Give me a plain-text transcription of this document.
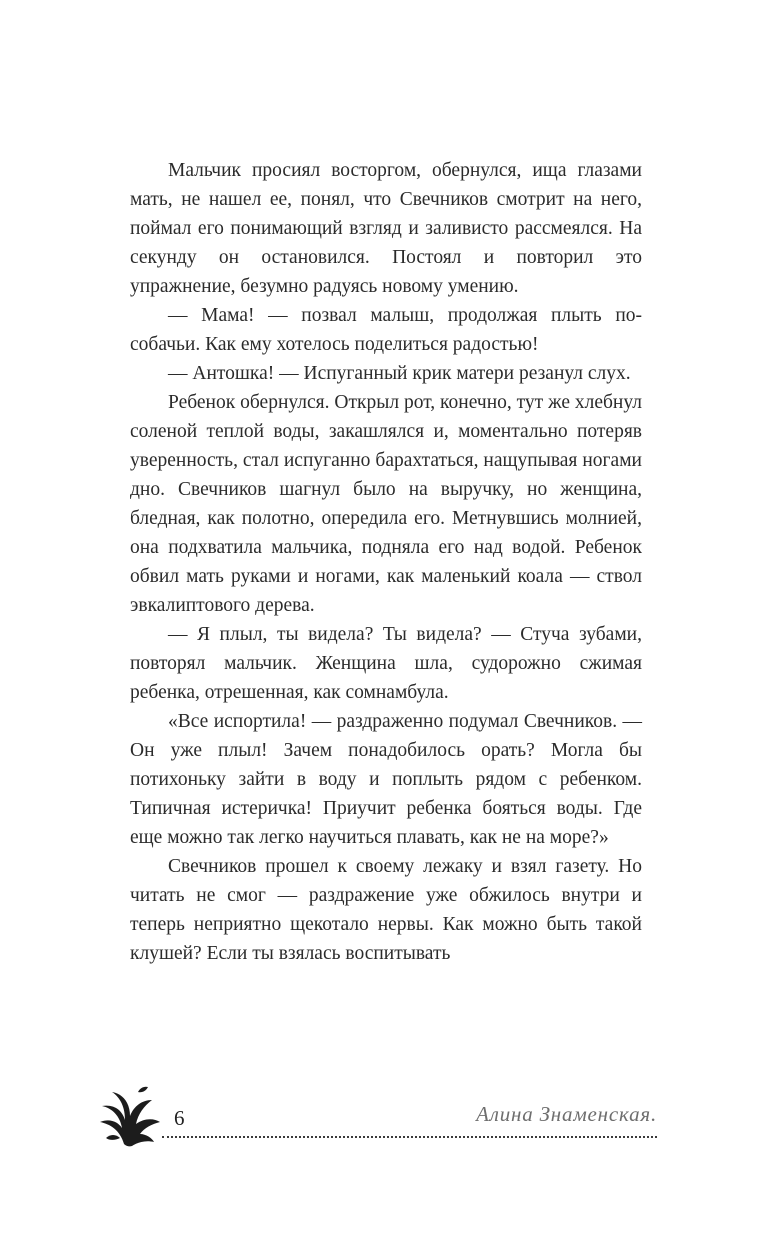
Мальчик просиял восторгом, обернулся, ища глазами мать, не нашел ее, понял, что Свечников смотрит на него, поймал его понимающий взгляд и заливисто рассмеялся. На секунду он остановился. Постоял и повторил это упражнение, безумно радуясь новому умению.

— Мама! — позвал малыш, продолжая плыть по-собачьи. Как ему хотелось поделиться радостью!

— Антошка! — Испуганный крик матери резанул слух.

Ребенок обернулся. Открыл рот, конечно, тут же хлебнул соленой теплой воды, закашлялся и, моментально потеряв уверенность, стал испуганно барахтаться, нащупывая ногами дно. Свечников шагнул было на выручку, но женщина, бледная, как полотно, опередила его. Метнувшись молнией, она подхватила мальчика, подняла его над водой. Ребенок обвил мать руками и ногами, как маленький коала — ствол эвкалиптового дерева.

— Я плыл, ты видела? Ты видела? — Стуча зубами, повторял мальчик. Женщина шла, судорожно сжимая ребенка, отрешенная, как сомнамбула.

«Все испортила! — раздраженно подумал Свечников. — Он уже плыл! Зачем понадобилось орать? Могла бы потихоньку зайти в воду и поплыть рядом с ребенком. Типичная истеричка! Приучит ребенка бояться воды. Где еще можно так легко научиться плавать, как не на море?»

Свечников прошел к своему лежаку и взял газету. Но читать не смог — раздражение уже обжилось внутри и теперь неприятно щекотало нервы. Как можно быть такой клушей? Если ты взялась воспитывать

6	Алина Знаменская.
